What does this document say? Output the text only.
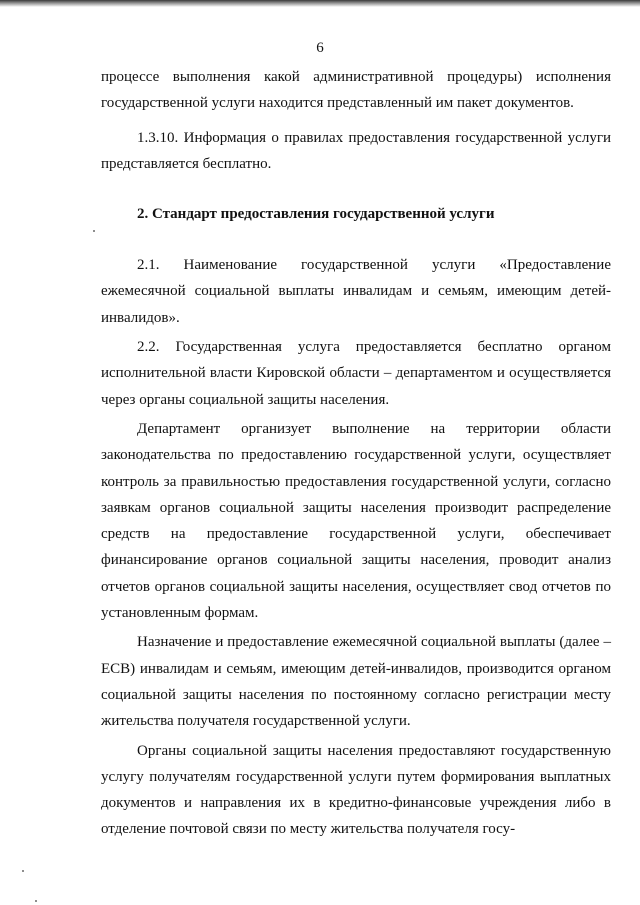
6

процессе выполнения какой административной процедуры) исполнения государственной услуги находится представленный им пакет документов.

1.3.10. Информация о правилах предоставления государственной услуги представляется бесплатно.

2. Стандарт предоставления государственной услуги

2.1. Наименование государственной услуги «Предоставление ежемесячной социальной выплаты инвалидам и семьям, имеющим детей-инвалидов».

2.2. Государственная услуга предоставляется бесплатно органом исполнительной власти Кировской области – департаментом и осуществляется через органы социальной защиты населения.

Департамент организует выполнение на территории области законодательства по предоставлению государственной услуги, осуществляет контроль за правильностью предоставления государственной услуги, согласно заявкам органов социальной защиты населения производит распределение средств на предоставление государственной услуги, обеспечивает финансирование органов социальной защиты населения, проводит анализ отчетов органов социальной защиты населения, осуществляет свод отчетов по установленным формам.

Назначение и предоставление ежемесячной социальной выплаты (далее – ЕСВ) инвалидам и семьям, имеющим детей-инвалидов, производится органом социальной защиты населения по постоянному согласно регистрации месту жительства получателя государственной услуги.

Органы социальной защиты населения предоставляют государственную услугу получателям государственной услуги путем формирования выплатных документов и направления их в кредитно-финансовые учреждения либо в отделение почтовой связи по месту жительства получателя госу-
